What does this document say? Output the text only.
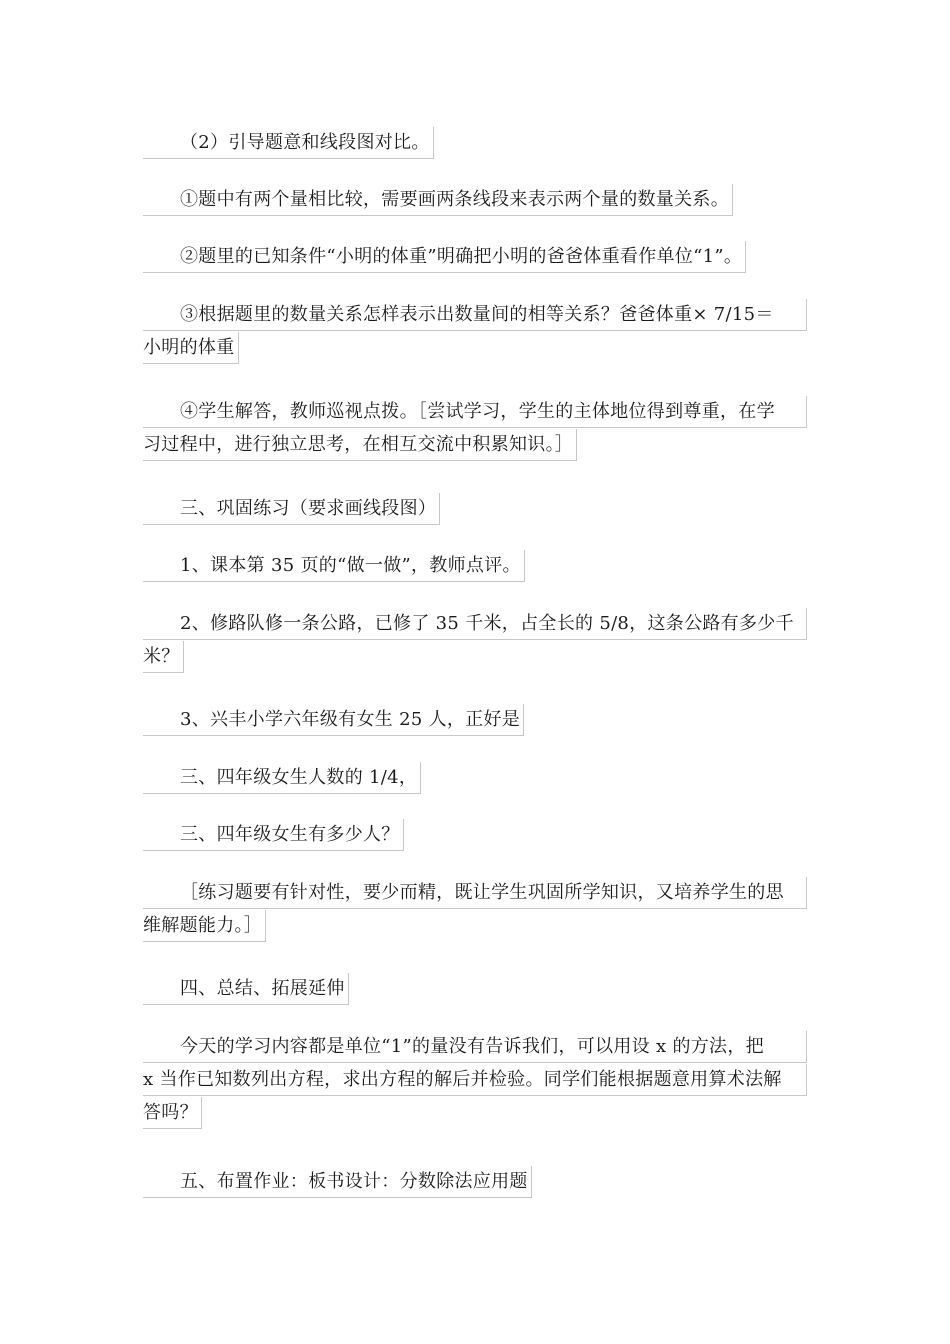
（2）引导题意和线段图对比。
①题中有两个量相比较，需要画两条线段来表示两个量的数量关系。
②题里的已知条件“小明的体重”明确把小明的爸爸体重看作单位“1”。
③根据题里的数量关系怎样表示出数量间的相等关系？爸爸体重× 7/15＝
小明的体重
④学生解答，教师巡视点拨。［尝试学习，学生的主体地位得到尊重，在学
习过程中，进行独立思考，在相互交流中积累知识。］
三、巩固练习（要求画线段图）
1、课本第 35 页的“做一做”，教师点评。
2、修路队修一条公路，已修了 35 千米，占全长的 5/8，这条公路有多少千
米？
3、兴丰小学六年级有女生 25 人，正好是
三、四年级女生人数的 1/4，
三、四年级女生有多少人？
［练习题要有针对性，要少而精，既让学生巩固所学知识，又培养学生的思
维解题能力。］
四、总结、拓展延伸
今天的学习内容都是单位“1”的量没有告诉我们，可以用设 x 的方法，把
x 当作已知数列出方程，求出方程的解后并检验。同学们能根据题意用算术法解
答吗？
五、布置作业：板书设计：分数除法应用题
